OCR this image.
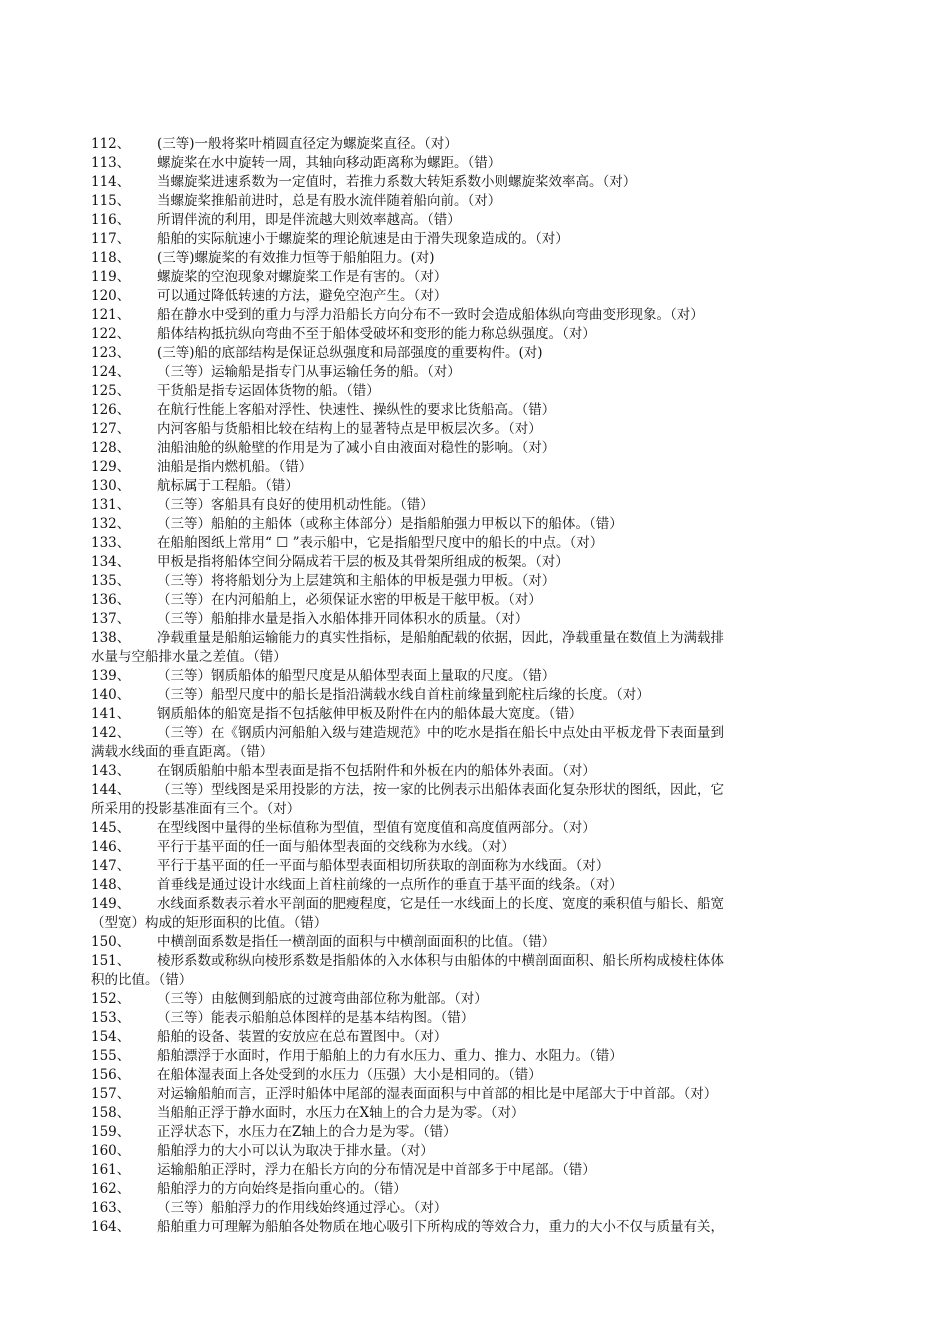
112、 (三等)一般将桨叶梢圆直径定为螺旋桨直径。（对）
113、 螺旋桨在水中旋转一周，其轴向移动距离称为螺距。（错）
114、 当螺旋桨进速系数为一定值时，若推力系数大转矩系数小则螺旋桨效率高。（对）
115、 当螺旋桨推船前进时，总是有股水流伴随着船向前。（对）
116、 所谓伴流的利用，即是伴流越大则效率越高。（错）
117、 船舶的实际航速小于螺旋桨的理论航速是由于滑失现象造成的。（对）
118、 (三等)螺旋桨的有效推力恒等于船舶阻力。(对)
119、 螺旋桨的空泡现象对螺旋桨工作是有害的。（对）
120、 可以通过降低转速的方法，避免空泡产生。（对）
121、 船在静水中受到的重力与浮力沿船长方向分布不一致时会造成船体纵向弯曲变形现象。（对）
122、 船体结构抵抗纵向弯曲不至于船体受破坏和变形的能力称总纵强度。（对）
123、 (三等)船的底部结构是保证总纵强度和局部强度的重要构件。(对)
124、 （三等）运输船是指专门从事运输任务的船。（对）
125、 干货船是指专运固体货物的船。（错）
126、 在航行性能上客船对浮性、快速性、操纵性的要求比货船高。（错）
127、 内河客船与货船相比较在结构上的显著特点是甲板层次多。（对）
128、 油船油舱的纵舱壁的作用是为了减小自由液面对稳性的影响。（对）
129、 油船是指内燃机船。（错）
130、 航标属于工程船。（错）
131、 （三等）客船具有良好的使用机动性能。（错）
132、 （三等）船舶的主船体（或称主体部分）是指船舶强力甲板以下的船体。（错）
133、 在船舶图纸上常用“ ☐ ”表示船中，它是指船型尺度中的船长的中点。（对）
134、 甲板是指将船体空间分隔成若干层的板及其骨架所组成的板架。（对）
135、 （三等）将将船划分为上层建筑和主船体的甲板是强力甲板。（对）
136、 （三等）在内河船舶上，必须保证水密的甲板是干舷甲板。（对）
137、 （三等）船舶排水量是指入水船体排开同体积水的质量。（对）
138、 净载重量是船舶运输能力的真实性指标，是船舶配载的依据，因此，净载重量在数值上为满载排
水量与空船排水量之差值。（错）
139、 （三等）钢质船体的船型尺度是从船体型表面上量取的尺度。（错）
140、 （三等）船型尺度中的船长是指沿满载水线自首柱前缘量到舵柱后缘的长度。（对）
141、 钢质船体的船宽是指不包括舷伸甲板及附件在内的船体最大宽度。（错）
142、 （三等）在《钢质内河船舶入级与建造规范》中的吃水是指在船长中点处由平板龙骨下表面量到
满载水线面的垂直距离。（错）
143、 在钢质船舶中船本型表面是指不包括附件和外板在内的船体外表面。（对）
144、 （三等）型线图是采用投影的方法，按一家的比例表示出船体表面化复杂形状的图纸，因此，它
所采用的投影基准面有三个。（对）
145、 在型线图中量得的坐标值称为型值，型值有宽度值和高度值两部分。（对）
146、 平行于基平面的任一面与船体型表面的交线称为水线。（对）
147、 平行于基平面的任一平面与船体型表面相切所获取的剖面称为水线面。（对）
148、 首垂线是通过设计水线面上首柱前缘的一点所作的垂直于基平面的线条。（对）
149、 水线面系数表示着水平剖面的肥瘦程度，它是任一水线面上的长度、宽度的乘积值与船长、船宽
（型宽）构成的矩形面积的比值。（错）
150、 中横剖面系数是指任一横剖面的面积与中横剖面面积的比值。（错）
151、 棱形系数或称纵向棱形系数是指船体的入水体积与由船体的中横剖面面积、船长所构成棱柱体体
积的比值。（错）
152、 （三等）由舷侧到船底的过渡弯曲部位称为舭部。（对）
153、 （三等）能表示船舶总体图样的是基本结构图。（错）
154、 船舶的设备、装置的安放应在总布置图中。（对）
155、 船舶漂浮于水面时，作用于船舶上的力有水压力、重力、推力、水阻力。（错）
156、 在船体湿表面上各处受到的水压力（压强）大小是相同的。（错）
157、 对运输船舶而言，正浮时船体中尾部的湿表面面积与中首部的相比是中尾部大于中首部。（对）
158、 当船舶正浮于静水面时，水压力在X轴上的合力是为零。（对）
159、 正浮状态下，水压力在Z轴上的合力是为零。（错）
160、 船舶浮力的大小可以认为取决于排水量。（对）
161、 运输船舶正浮时，浮力在船长方向的分布情况是中首部多于中尾部。（错）
162、 船舶浮力的方向始终是指向重心的。（错）
163、 （三等）船舶浮力的作用线始终通过浮心。（对）
164、 船舶重力可理解为船舶各处物质在地心吸引下所构成的等效合力，重力的大小不仅与质量有关，
